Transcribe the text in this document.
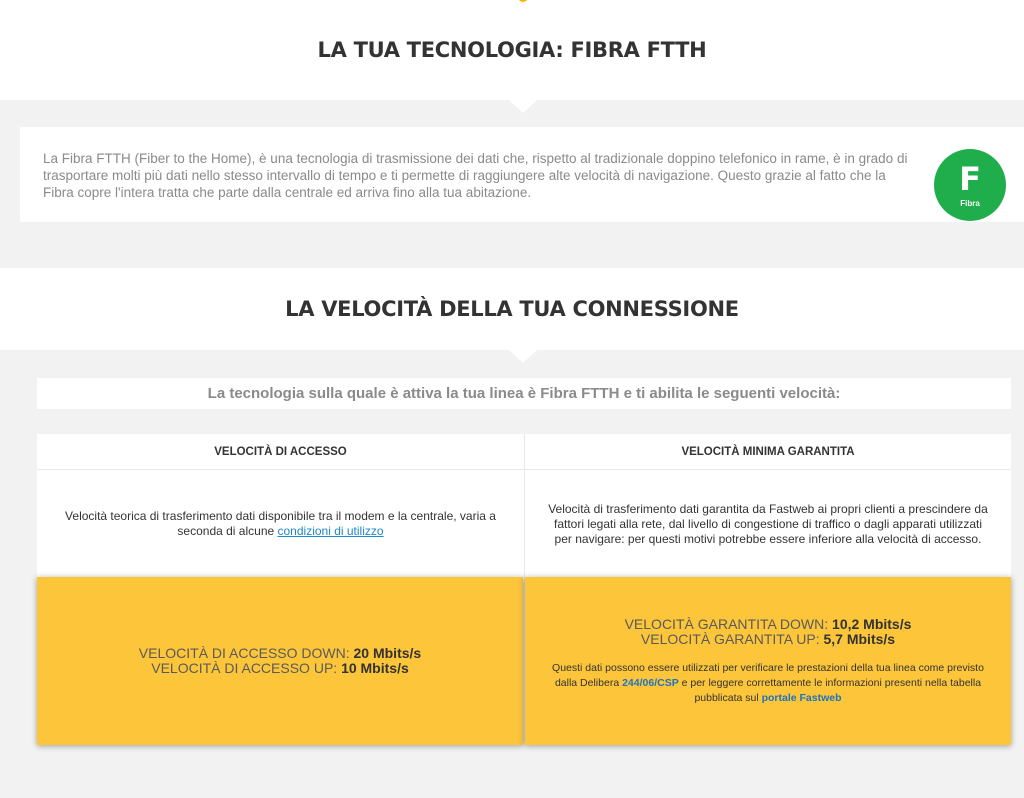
LA TUA TECNOLOGIA: FIBRA FTTH

La Fibra FTTH (Fiber to the Home), è una tecnologia di trasmissione dei dati che, rispetto al tradizionale doppino telefonico in rame, è in grado di trasportare molti più dati nello stesso intervallo di tempo e ti permette di raggiungere alte velocità di navigazione. Questo grazie al fatto che la Fibra copre l'intera tratta che parte dalla centrale ed arriva fino alla tua abitazione.	F
Fibra
LA VELOCITÀ DELLA TUA CONNESSIONE
La tecnologia sulla quale è attiva la tua linea è Fibra FTTH e ti abilita le seguenti velocità:
VELOCITÀ DI ACCESSO

Velocità teorica di trasferimento dati disponibile tra il modem e la centrale, varia a seconda di alcune condizioni di utilizzo

VELOCITÀ MINIMA GARANTITA

Velocità di trasferimento dati garantita da Fastweb ai propri clienti a prescindere da fattori legati alla rete, dal livello di congestione di traffico o dagli apparati utilizzati per navigare: per questi motivi potrebbe essere inferiore alla velocità di accesso.

VELOCITÀ DI ACCESSO DOWN: 20 Mbits/s
VELOCITÀ DI ACCESSO UP: 10 Mbits/s
VELOCITÀ GARANTITA DOWN: 10,2 Mbits/s
VELOCITÀ GARANTITA UP: 5,7 Mbits/s

Questi dati possono essere utilizzati per verificare le prestazioni della tua linea come previsto dalla Delibera 244/06/CSP e per leggere correttamente le informazioni presenti nella tabella pubblicata sul portale Fastweb
